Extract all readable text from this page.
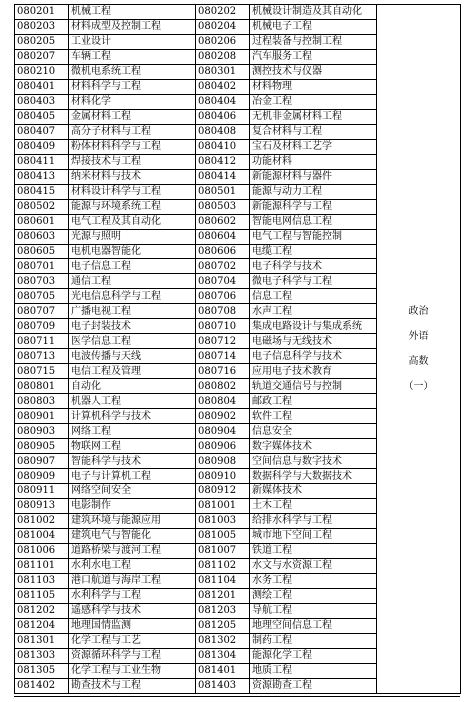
080201	机械工程	080202	机械设计制造及其自动化	政治
外语
高数
（一）

080203	材料成型及控制工程	080204	机械电子工程	
080205	工业设计	080206	过程装备与控制工程	
080207	车辆工程	080208	汽车服务工程	
080210	微机电系统工程	080301	测控技术与仪器	
080401	材料科学与工程	080402	材料物理	
080403	材料化学	080404	冶金工程	
080405	金属材料工程	080406	无机非金属材料工程	
080407	高分子材料与工程	080408	复合材料与工程	
080409	粉体材料科学与工程	080410	宝石及材料工艺学	
080411	焊接技术与工程	080412	功能材料	
080413	纳米材料与技术	080414	新能源材料与器件	
080415	材料设计科学与工程	080501	能源与动力工程	
080502	能源与环境系统工程	080503	新能源科学与工程	
080601	电气工程及其自动化	080602	智能电网信息工程	
080603	光源与照明	080604	电气工程与智能控制	
080605	电机电器智能化	080606	电缆工程	
080701	电子信息工程	080702	电子科学与技术	
080703	通信工程	080704	微电子科学与工程	
080705	光电信息科学与工程	080706	信息工程	
080707	广播电视工程	080708	水声工程	
080709	电子封装技术	080710	集成电路设计与集成系统	
080711	医学信息工程	080712	电磁场与无线技术	
080713	电波传播与天线	080714	电子信息科学与技术	
080715	电信工程及管理	080716	应用电子技术教育	
080801	自动化	080802	轨道交通信号与控制	
080803	机器人工程	080804	邮政工程	
080901	计算机科学与技术	080902	软件工程	
080903	网络工程	080904	信息安全	
080905	物联网工程	080906	数字媒体技术	
080907	智能科学与技术	080908	空间信息与数字技术	
080909	电子与计算机工程	080910	数据科学与大数据技术	
080911	网络空间安全	080912	新媒体技术	
080913	电影制作	081001	土木工程	
081002	建筑环境与能源应用	081003	给排水科学与工程	
081004	建筑电气与智能化	081005	城市地下空间工程	
081006	道路桥梁与渡河工程	081007	铁道工程	
081101	水利水电工程	081102	水文与水资源工程	
081103	港口航道与海岸工程	081104	水务工程	
081105	水利科学与工程	081201	测绘工程	
081202	遥感科学与技术	081203	导航工程	
081204	地理国情监测	081205	地理空间信息工程	
081301	化学工程与工艺	081302	制药工程	
081303	资源循环科学与工程	081304	能源化学工程	
081305	化学工程与工业生物	081401	地质工程	
081402	勘查技术与工程	081403	资源勘查工程	
